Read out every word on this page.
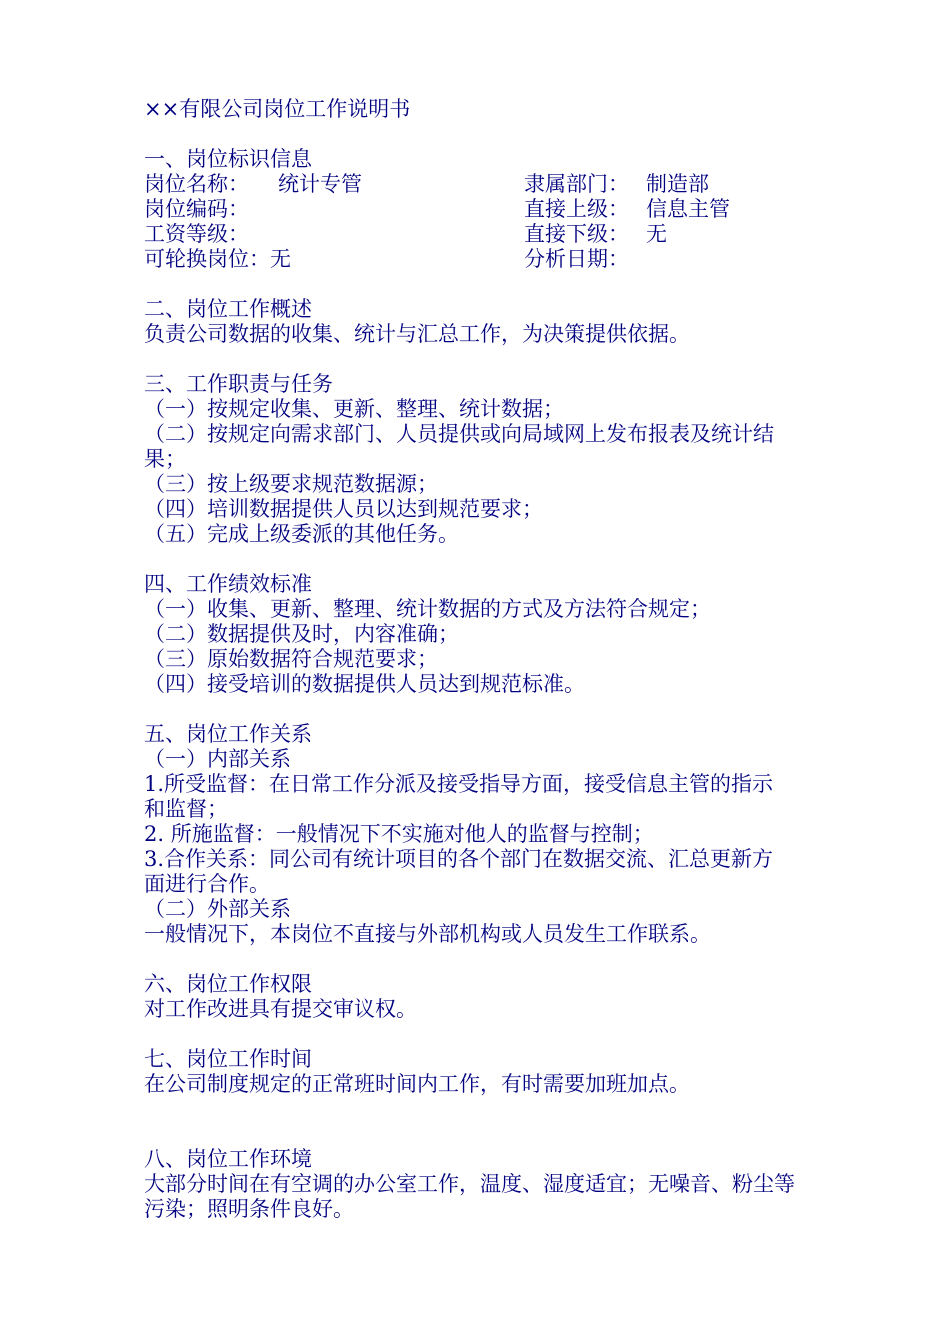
××有限公司岗位工作说明书

一、岗位标识信息

岗位名称：	统计专管	隶属部门： 制造部
岗位编码：	直接上级： 信息主管
工资等级：	直接下级： 无
可轮换岗位： 无	分析日期：

二、岗位工作概述

负责公司数据的收集、统计与汇总工作，为决策提供依据。

三、工作职责与任务

（一）按规定收集、更新、整理、统计数据；

（二）按规定向需求部门、人员提供或向局域网上发布报表及统计结

果；

（三）按上级要求规范数据源；

（四）培训数据提供人员以达到规范要求；

（五）完成上级委派的其他任务。

四、工作绩效标准

（一）收集、更新、整理、统计数据的方式及方法符合规定；

（二）数据提供及时，内容准确；

（三）原始数据符合规范要求；

（四）接受培训的数据提供人员达到规范标准。

五、岗位工作关系

（一）内部关系

1.所受监督：在日常工作分派及接受指导方面，接受信息主管的指示

和监督；

2. 所施监督：一般情况下不实施对他人的监督与控制；

3.合作关系：同公司有统计项目的各个部门在数据交流、汇总更新方

面进行合作。

（二）外部关系

一般情况下，本岗位不直接与外部机构或人员发生工作联系。

六、岗位工作权限

对工作改进具有提交审议权。

七、岗位工作时间

在公司制度规定的正常班时间内工作，有时需要加班加点。

八、岗位工作环境

大部分时间在有空调的办公室工作，温度、湿度适宜；无噪音、粉尘等

污染；照明条件良好。
